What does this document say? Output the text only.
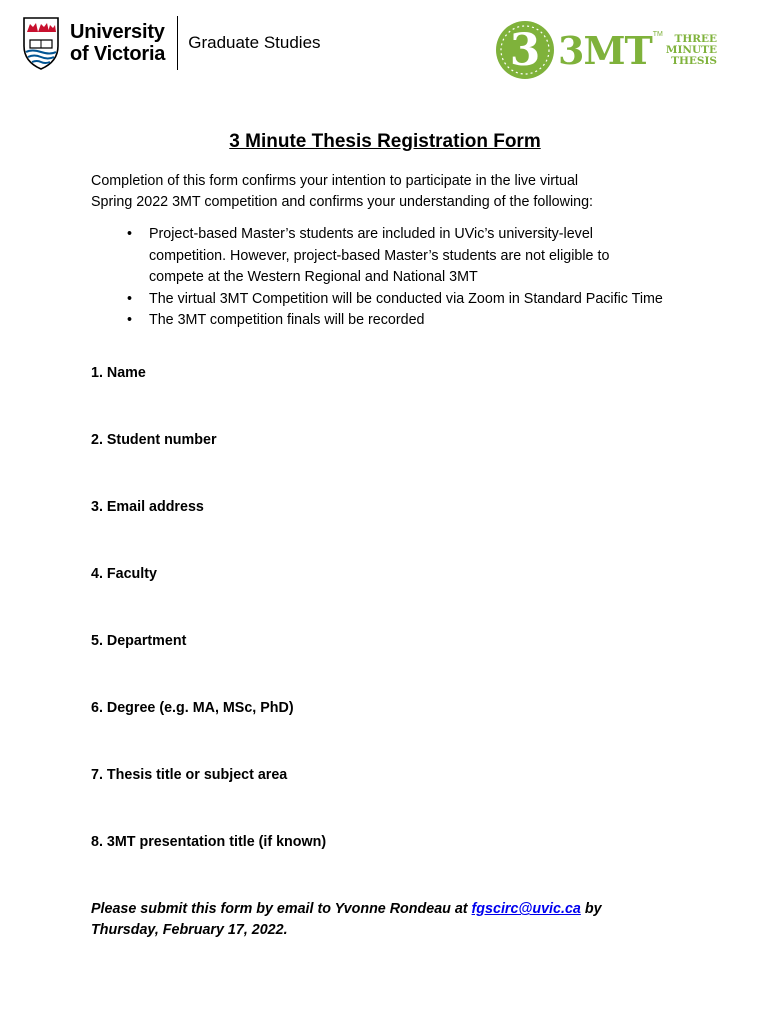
University
of Victoria
Graduate Studies	3 3MT TM	THREE
MINUTE
THESIS
3 Minute Thesis Registration Form
Completion of this form confirms your intention to participate in the live virtual
Spring 2022 3MT competition and confirms your understanding of the following:
• Project-based Master’s students are included in UVic’s university-level
competition. However, project-based Master’s students are not eligible to
compete at the Western Regional and National 3MT
• The virtual 3MT Competition will be conducted via Zoom in Standard Pacific Time
• The 3MT competition finals will be recorded
1. Name
2. Student number
3. Email address
4. Faculty
5. Department
6. Degree (e.g. MA, MSc, PhD)
7. Thesis title or subject area
8. 3MT presentation title (if known)
Please submit this form by email to Yvonne Rondeau at fgscirc@uvic.ca by
Thursday, February 17, 2022.
